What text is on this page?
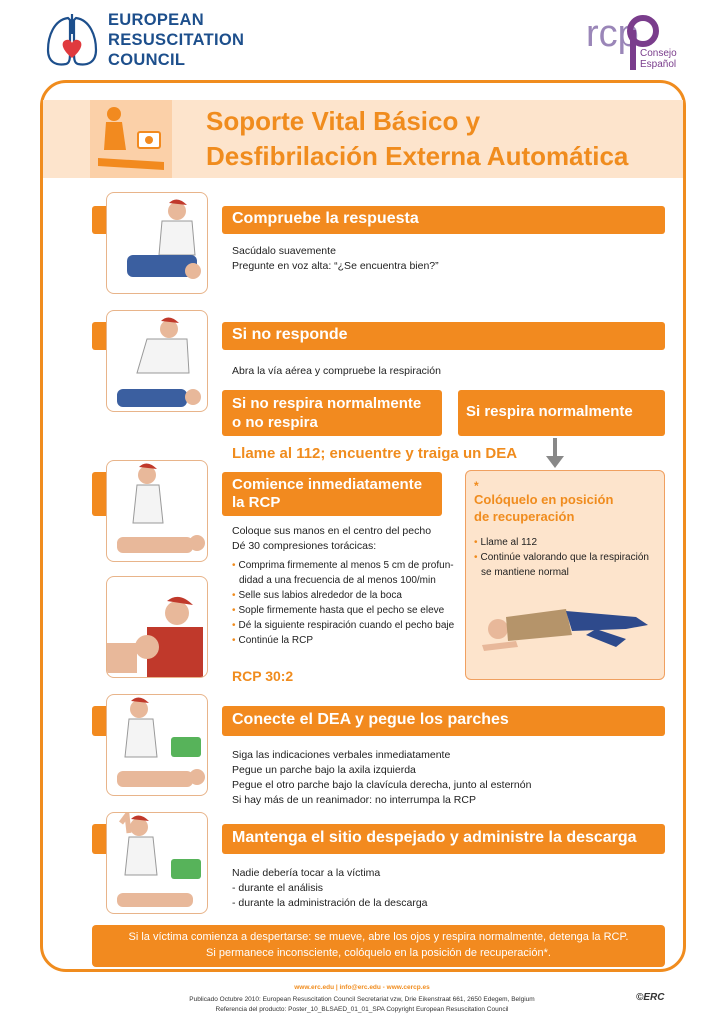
EUROPEAN
RESUSCITATION
COUNCIL
rcp Consejo
Español
Soporte Vital Básico y
Desfibrilación Externa Automática
Compruebe la respuesta
Sacúdalo suavemente
Pregunte en voz alta: “¿Se encuentra bien?”
Si no responde
Abra la vía aérea y compruebe la respiración
Si no respira normalmente
o no respira
Si respira normalmente
Llame al 112; encuentre y traiga un DEA
Comience inmediatamente
la RCP
Coloque sus manos en el centro del pecho
Dé 30 compresiones torácicas:
• Comprima firmemente al menos 5 cm de profun-
didad a una frecuencia de al menos 100/min
• Selle sus labios alrededor de la boca
• Sople firmemente hasta que el pecho se eleve
• Dé la siguiente respiración cuando el pecho baje
• Continúe la RCP
RCP 30:2
*
Colóquelo en posición
de recuperación
• Llame al 112
• Continúe valorando que la respiración
se mantiene normal
Conecte el DEA y pegue los parches
Siga las indicaciones verbales inmediatamente
Pegue un parche bajo la axila izquierda
Pegue el otro parche bajo la clavícula derecha, junto al esternón
Si hay más de un reanimador: no interrumpa la RCP
Mantenga el sitio despejado y administre la descarga
Nadie debería tocar a la víctima
- durante el análisis
- durante la administración de la descarga
Si la víctima comienza a despertarse: se mueve, abre los ojos y respira normalmente, detenga la RCP.
Si permanece inconsciente, colóquelo en la posición de recuperación*.
www.erc.edu | info@erc.edu - www.cercp.es
Publicado Octubre 2010: European Resuscitation Council Secretariat vzw, Drie Eikenstraat 661, 2650 Edegem, Belgium
Referencia del producto: Poster_10_BLSAED_01_01_SPA Copyright European Resuscitation Council
©ERC
